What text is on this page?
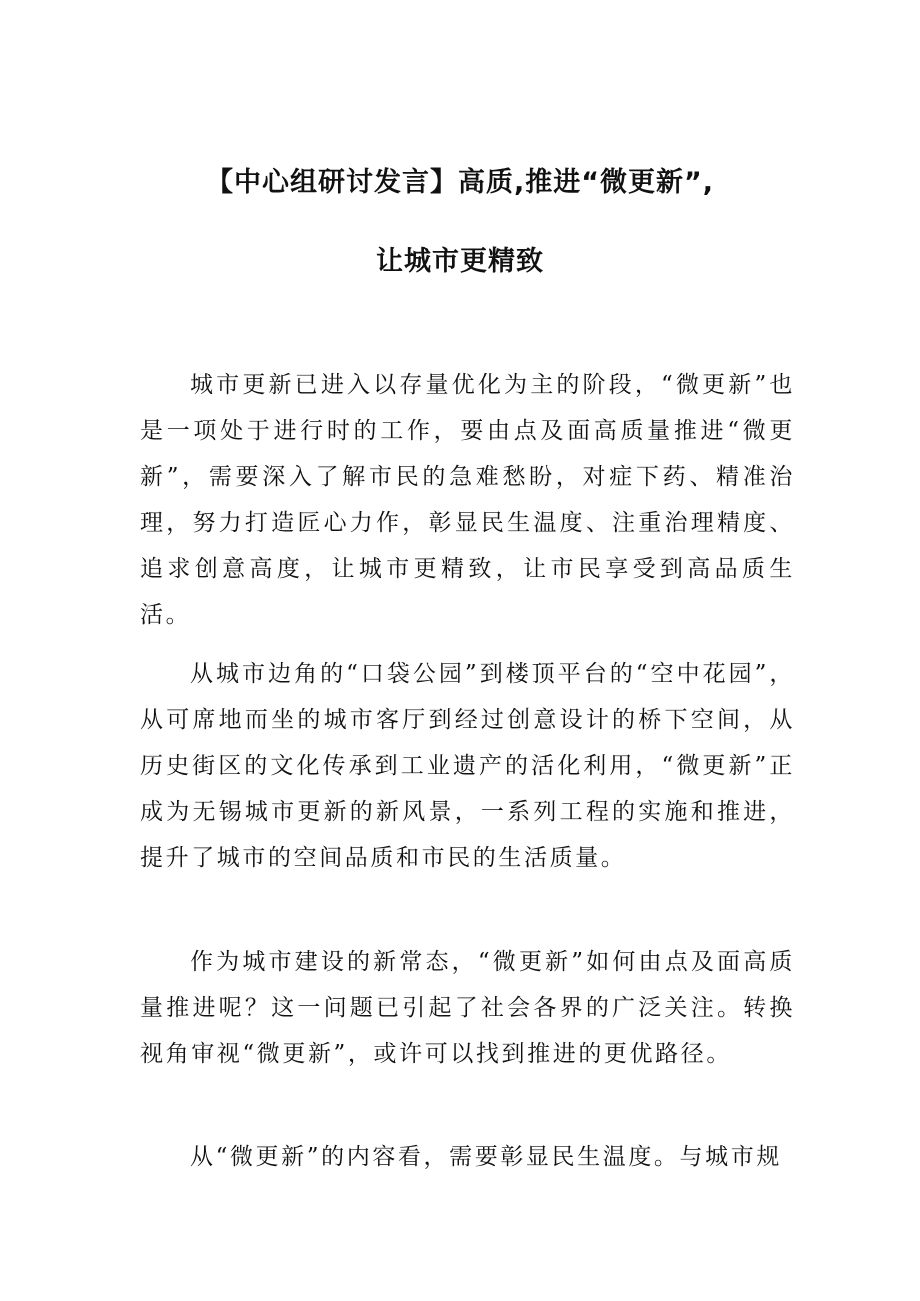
【中心组研讨发言】高质,推进“微更新”,
让城市更精致

城市更新已进入以存量优化为主的阶段，“微更新”也是一项处于进行时的工作，要由点及面高质量推进“微更新”，需要深入了解市民的急难愁盼，对症下药、精准治理，努力打造匠心力作，彰显民生温度、注重治理精度、追求创意高度，让城市更精致，让市民享受到高品质生活。

从城市边角的“口袋公园”到楼顶平台的“空中花园”，从可席地而坐的城市客厅到经过创意设计的桥下空间，从历史街区的文化传承到工业遗产的活化利用，“微更新”正成为无锡城市更新的新风景，一系列工程的实施和推进，提升了城市的空间品质和市民的生活质量。

作为城市建设的新常态，“微更新”如何由点及面高质量推进呢？这一问题已引起了社会各界的广泛关注。转换视角审视“微更新”，或许可以找到推进的更优路径。

从“微更新”的内容看，需要彰显民生温度。与城市规
